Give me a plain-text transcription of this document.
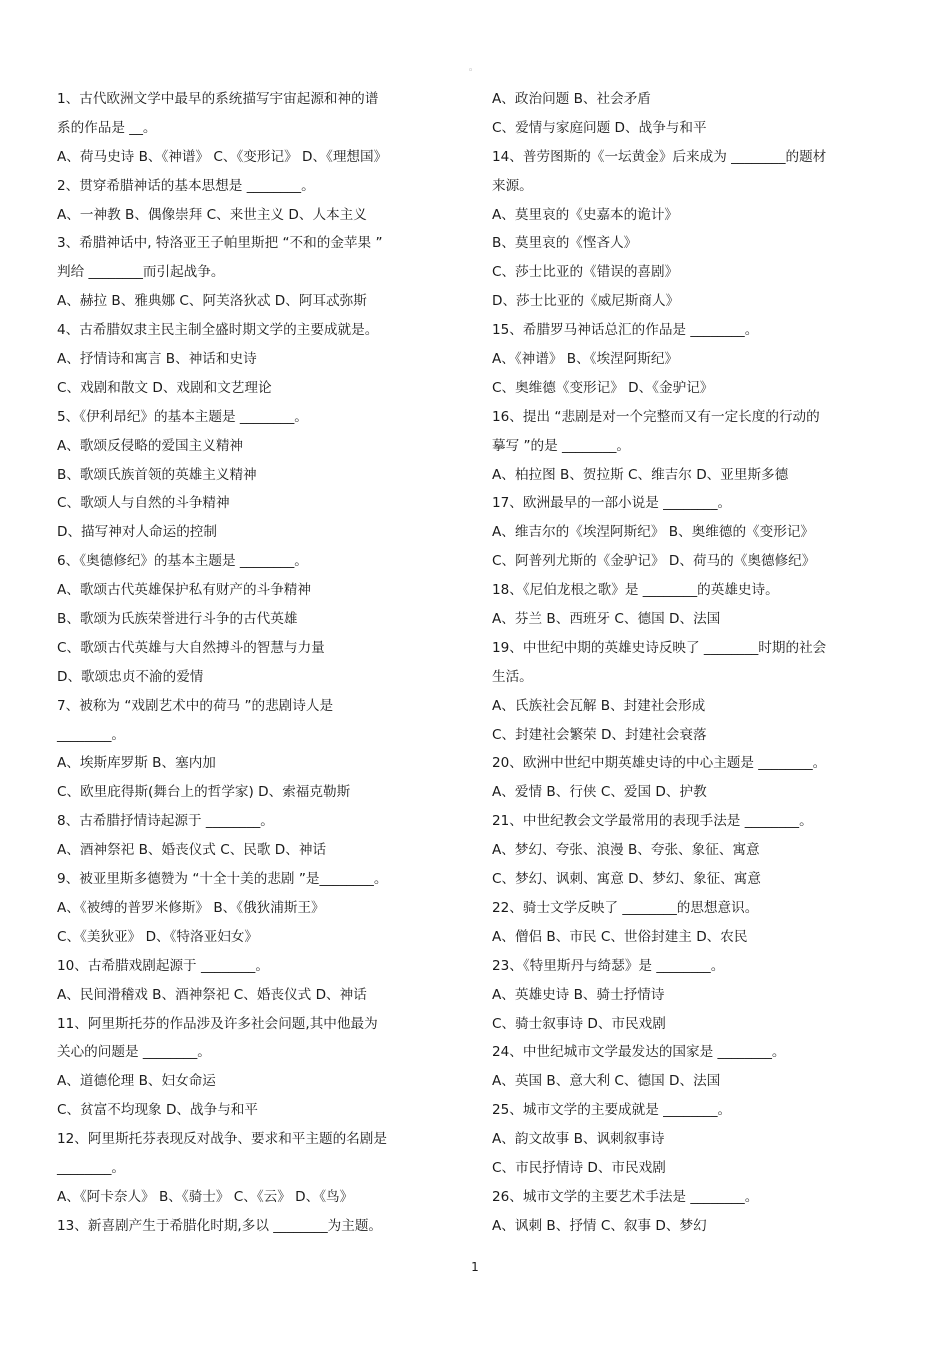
◦
1、古代欧洲文学中最早的系统描写宇宙起源和神的谱
系的作品是 __。
A、荷马史诗 B、《神谱》 C、《变形记》 D、《理想国》
2、贯穿希腊神话的基本思想是 ________。
A、一神教 B、偶像崇拜 C、来世主义 D、人本主义
3、希腊神话中, 特洛亚王子帕里斯把 “不和的金苹果 ”
判给 ________而引起战争。
A、赫拉 B、雅典娜 C、阿芙洛狄忒 D、阿耳忒弥斯
4、古希腊奴隶主民主制全盛时期文学的主要成就是。
A、抒情诗和寓言 B、神话和史诗
C、戏剧和散文 D、戏剧和文艺理论
5、《伊利昂纪》的基本主题是 ________。
A、歌颂反侵略的爱国主义精神
B、歌颂氏族首领的英雄主义精神
C、歌颂人与自然的斗争精神
D、描写神对人命运的控制
6、《奥德修纪》的基本主题是 ________。
A、歌颂古代英雄保护私有财产的斗争精神
B、歌颂为氏族荣誉进行斗争的古代英雄
C、歌颂古代英雄与大自然搏斗的智慧与力量
D、歌颂忠贞不渝的爱情
7、被称为 “戏剧艺术中的荷马 ”的悲剧诗人是
________。
A、埃斯库罗斯 B、塞内加
C、欧里庇得斯(舞台上的哲学家) D、索福克勒斯
8、古希腊抒情诗起源于 ________。
A、酒神祭祀 B、婚丧仪式 C、民歌 D、神话
9、被亚里斯多德赞为 “十全十美的悲剧 ”是________。
A、《被缚的普罗米修斯》 B、《俄狄浦斯王》
C、《美狄亚》 D、《特洛亚妇女》
10、古希腊戏剧起源于 ________。
A、民间滑稽戏 B、酒神祭祀 C、婚丧仪式 D、神话
11、阿里斯托芬的作品涉及许多社会问题,其中他最为
关心的问题是 ________。
A、道德伦理 B、妇女命运
C、贫富不均现象 D、战争与和平
12、阿里斯托芬表现反对战争、要求和平主题的名剧是
________。
A、《阿卡奈人》 B、《骑士》 C、《云》 D、《鸟》
13、新喜剧产生于希腊化时期,多以 ________为主题。
A、政治问题 B、社会矛盾
C、爱情与家庭问题 D、战争与和平
14、普劳图斯的《一坛黄金》后来成为 ________的题材
来源。
A、莫里哀的《史嘉本的诡计》
B、莫里哀的《悭吝人》
C、莎士比亚的《错误的喜剧》
D、莎士比亚的《威尼斯商人》
15、希腊罗马神话总汇的作品是 ________。
A、《神谱》 B、《埃涅阿斯纪》
C、奥维德《变形记》 D、《金驴记》
16、提出 “悲剧是对一个完整而又有一定长度的行动的
摹写 ”的是 ________。
A、柏拉图 B、贺拉斯 C、维吉尔 D、亚里斯多德
17、欧洲最早的一部小说是 ________。
A、维吉尔的《埃涅阿斯纪》 B、奥维德的《变形记》
C、阿普列尤斯的《金驴记》 D、荷马的《奥德修纪》
18、《尼伯龙根之歌》是 ________的英雄史诗。
A、芬兰 B、西班牙 C、德国 D、法国
19、中世纪中期的英雄史诗反映了 ________时期的社会
生活。
A、氏族社会瓦解 B、封建社会形成
C、封建社会繁荣 D、封建社会衰落
20、欧洲中世纪中期英雄史诗的中心主题是 ________。
A、爱情 B、行侠 C、爱国 D、护教
21、中世纪教会文学最常用的表现手法是 ________。
A、梦幻、夸张、浪漫 B、夸张、象征、寓意
C、梦幻、讽刺、寓意 D、梦幻、象征、寓意
22、骑士文学反映了 ________的思想意识。
A、僧侣 B、市民 C、世俗封建主 D、农民
23、《特里斯丹与绮瑟》是 ________。
A、英雄史诗 B、骑士抒情诗
C、骑士叙事诗 D、市民戏剧
24、中世纪城市文学最发达的国家是 ________。
A、英国 B、意大利 C、德国 D、法国
25、城市文学的主要成就是 ________。
A、韵文故事 B、讽刺叙事诗
C、市民抒情诗 D、市民戏剧
26、城市文学的主要艺术手法是 ________。
A、讽刺 B、抒情 C、叙事 D、梦幻
1
